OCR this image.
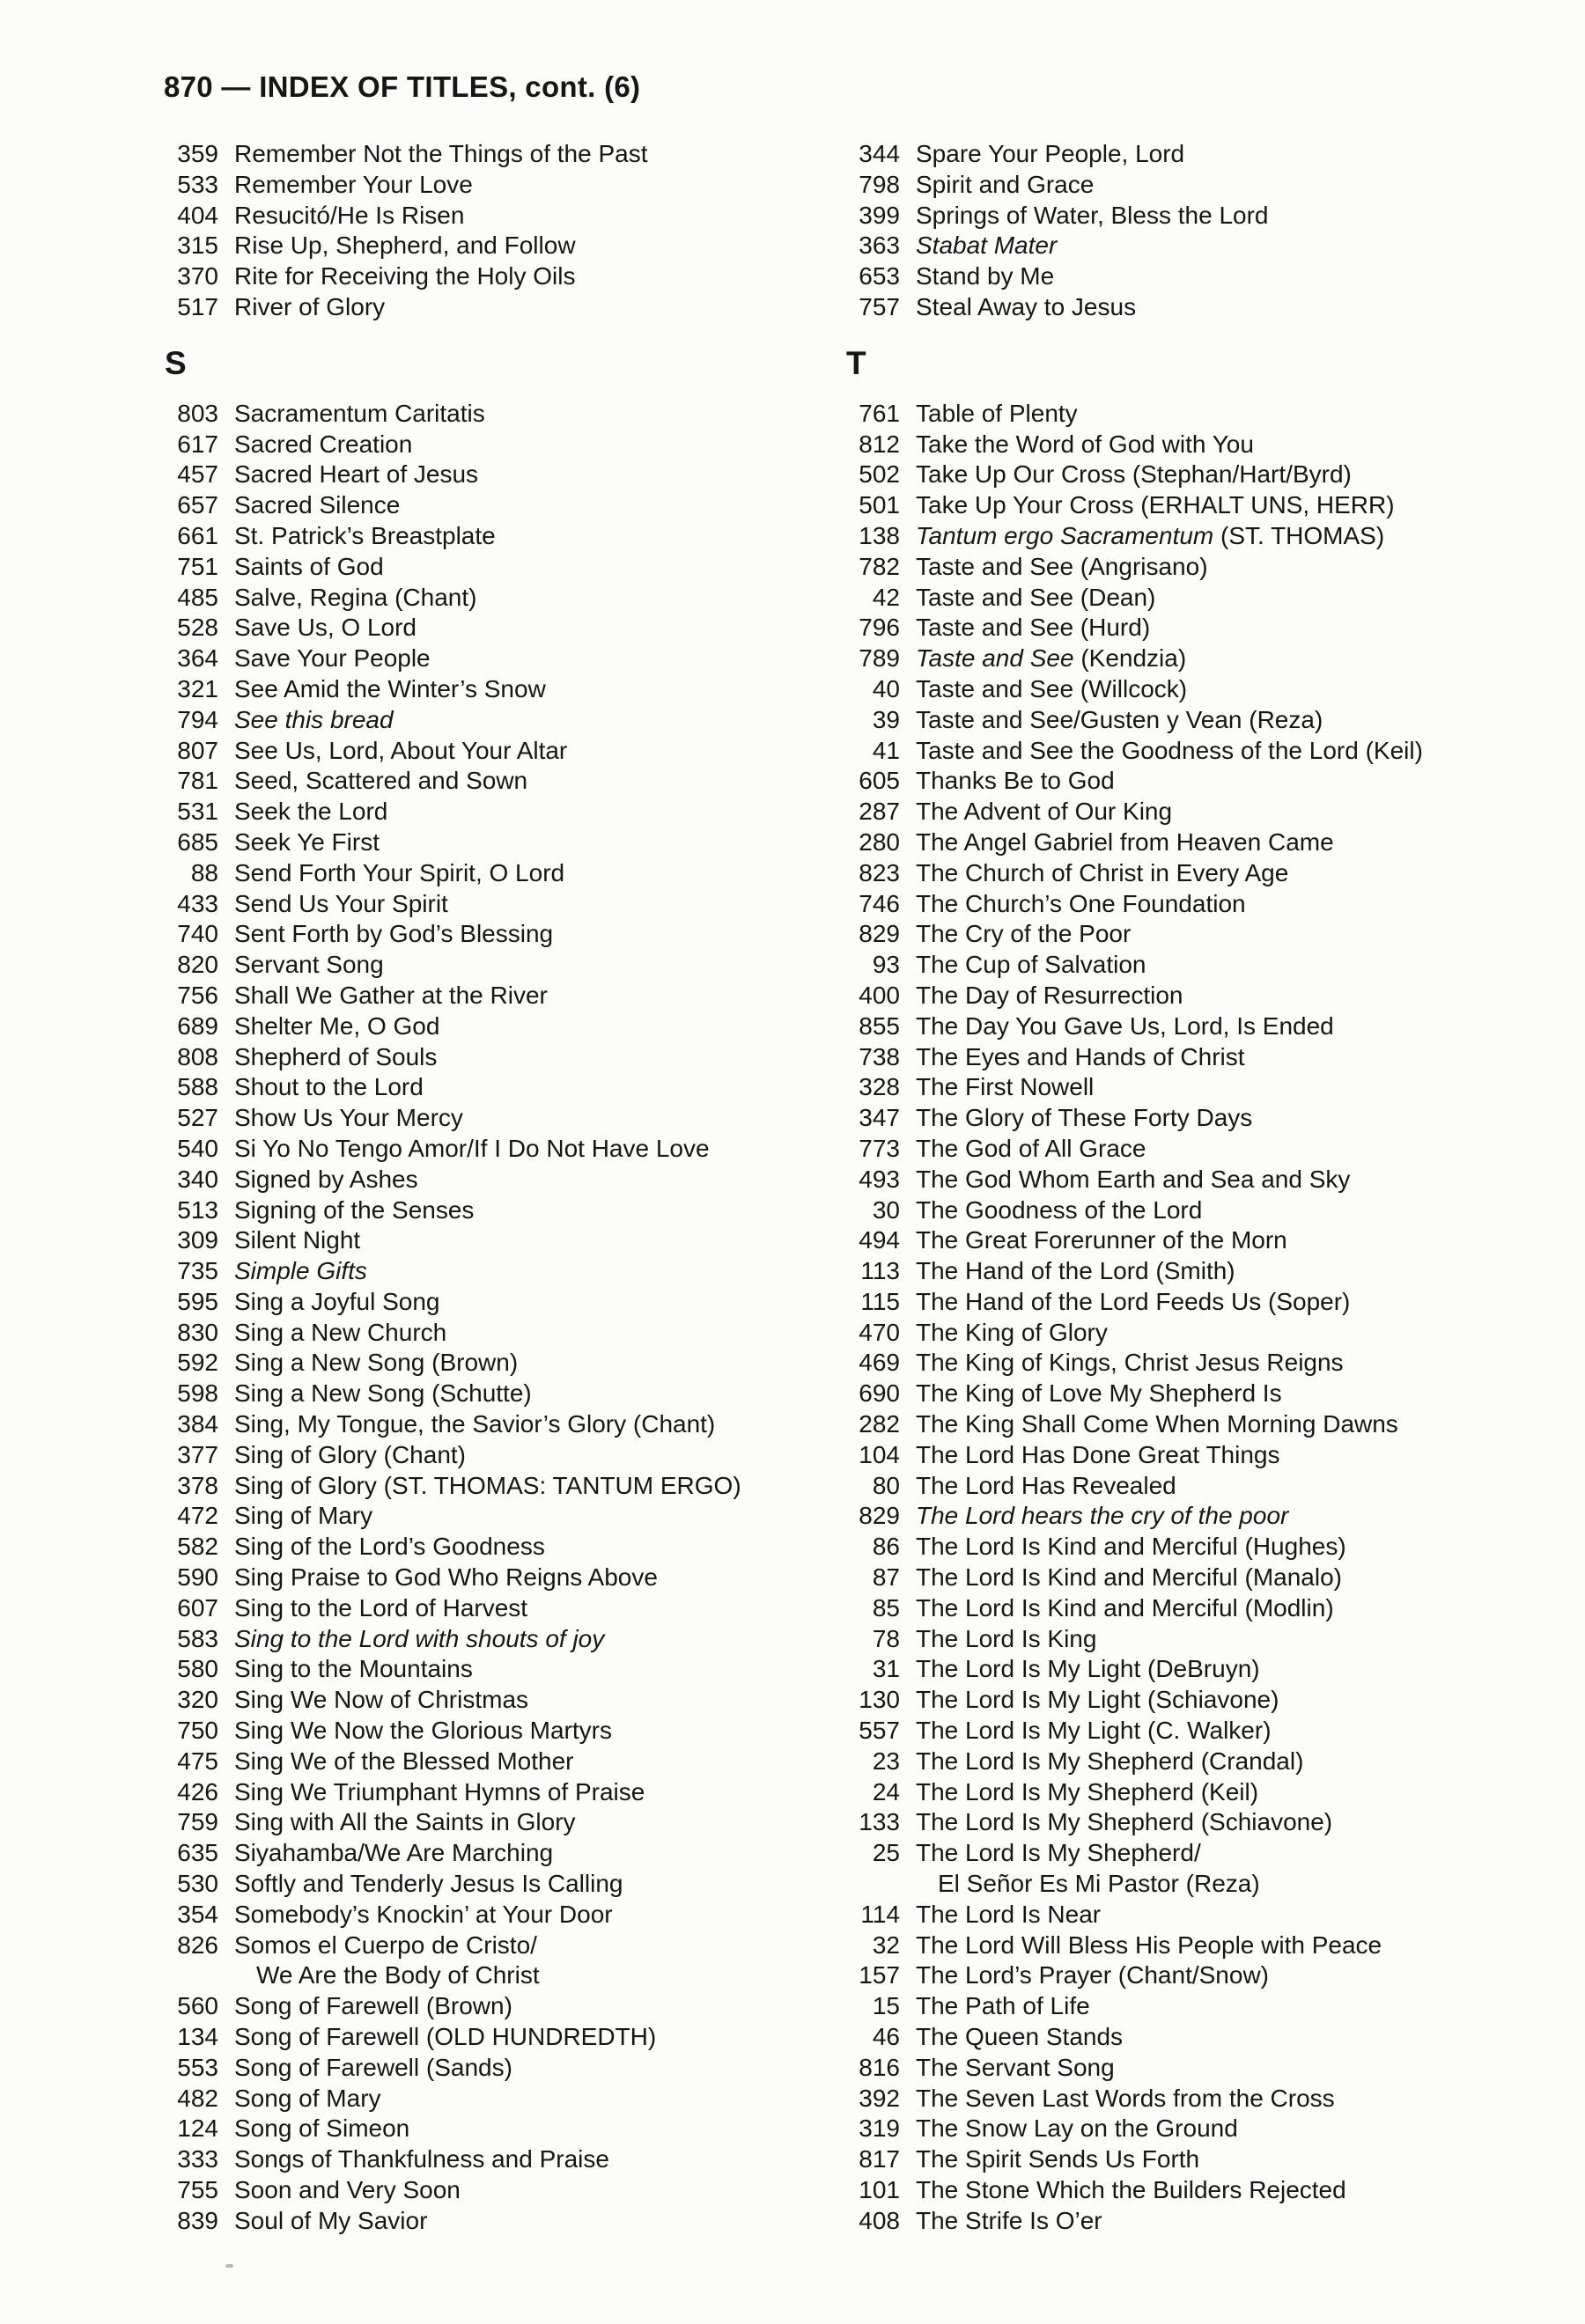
870 — INDEX OF TITLES, cont. (6)
359 Remember Not the Things of the Past
533 Remember Your Love
404 Resucitó/He Is Risen
315 Rise Up, Shepherd, and Follow
370 Rite for Receiving the Holy Oils
517 River of Glory
S
803 Sacramentum Caritatis
617 Sacred Creation
457 Sacred Heart of Jesus
657 Sacred Silence
661 St. Patrick’s Breastplate
751 Saints of God
485 Salve, Regina (Chant)
528 Save Us, O Lord
364 Save Your People
321 See Amid the Winter’s Snow
794 See this bread
807 See Us, Lord, About Your Altar
781 Seed, Scattered and Sown
531 Seek the Lord
685 Seek Ye First
88 Send Forth Your Spirit, O Lord
433 Send Us Your Spirit
740 Sent Forth by God’s Blessing
820 Servant Song
756 Shall We Gather at the River
689 Shelter Me, O God
808 Shepherd of Souls
588 Shout to the Lord
527 Show Us Your Mercy
540 Si Yo No Tengo Amor/If I Do Not Have Love
340 Signed by Ashes
513 Signing of the Senses
309 Silent Night
735 Simple Gifts
595 Sing a Joyful Song
830 Sing a New Church
592 Sing a New Song (Brown)
598 Sing a New Song (Schutte)
384 Sing, My Tongue, the Savior’s Glory (Chant)
377 Sing of Glory (Chant)
378 Sing of Glory (ST. THOMAS: TANTUM ERGO)
472 Sing of Mary
582 Sing of the Lord’s Goodness
590 Sing Praise to God Who Reigns Above
607 Sing to the Lord of Harvest
583 Sing to the Lord with shouts of joy
580 Sing to the Mountains
320 Sing We Now of Christmas
750 Sing We Now the Glorious Martyrs
475 Sing We of the Blessed Mother
426 Sing We Triumphant Hymns of Praise
759 Sing with All the Saints in Glory
635 Siyahamba/We Are Marching
530 Softly and Tenderly Jesus Is Calling
354 Somebody’s Knockin’ at Your Door
826 Somos el Cuerpo de Cristo/
We Are the Body of Christ
560 Song of Farewell (Brown)
134 Song of Farewell (OLD HUNDREDTH)
553 Song of Farewell (Sands)
482 Song of Mary
124 Song of Simeon
333 Songs of Thankfulness and Praise
755 Soon and Very Soon
839 Soul of My Savior
344 Spare Your People, Lord
798 Spirit and Grace
399 Springs of Water, Bless the Lord
363 Stabat Mater
653 Stand by Me
757 Steal Away to Jesus
T
761 Table of Plenty
812 Take the Word of God with You
502 Take Up Our Cross (Stephan/Hart/Byrd)
501 Take Up Your Cross (ERHALT UNS, HERR)
138 Tantum ergo Sacramentum (ST. THOMAS)
782 Taste and See (Angrisano)
42 Taste and See (Dean)
796 Taste and See (Hurd)
789 Taste and See (Kendzia)
40 Taste and See (Willcock)
39 Taste and See/Gusten y Vean (Reza)
41 Taste and See the Goodness of the Lord (Keil)
605 Thanks Be to God
287 The Advent of Our King
280 The Angel Gabriel from Heaven Came
823 The Church of Christ in Every Age
746 The Church’s One Foundation
829 The Cry of the Poor
93 The Cup of Salvation
400 The Day of Resurrection
855 The Day You Gave Us, Lord, Is Ended
738 The Eyes and Hands of Christ
328 The First Nowell
347 The Glory of These Forty Days
773 The God of All Grace
493 The God Whom Earth and Sea and Sky
30 The Goodness of the Lord
494 The Great Forerunner of the Morn
113 The Hand of the Lord (Smith)
115 The Hand of the Lord Feeds Us (Soper)
470 The King of Glory
469 The King of Kings, Christ Jesus Reigns
690 The King of Love My Shepherd Is
282 The King Shall Come When Morning Dawns
104 The Lord Has Done Great Things
80 The Lord Has Revealed
829 The Lord hears the cry of the poor
86 The Lord Is Kind and Merciful (Hughes)
87 The Lord Is Kind and Merciful (Manalo)
85 The Lord Is Kind and Merciful (Modlin)
78 The Lord Is King
31 The Lord Is My Light (DeBruyn)
130 The Lord Is My Light (Schiavone)
557 The Lord Is My Light (C. Walker)
23 The Lord Is My Shepherd (Crandal)
24 The Lord Is My Shepherd (Keil)
133 The Lord Is My Shepherd (Schiavone)
25 The Lord Is My Shepherd/
El Señor Es Mi Pastor (Reza)
114 The Lord Is Near
32 The Lord Will Bless His People with Peace
157 The Lord’s Prayer (Chant/Snow)
15 The Path of Life
46 The Queen Stands
816 The Servant Song
392 The Seven Last Words from the Cross
319 The Snow Lay on the Ground
817 The Spirit Sends Us Forth
101 The Stone Which the Builders Rejected
408 The Strife Is O’er
